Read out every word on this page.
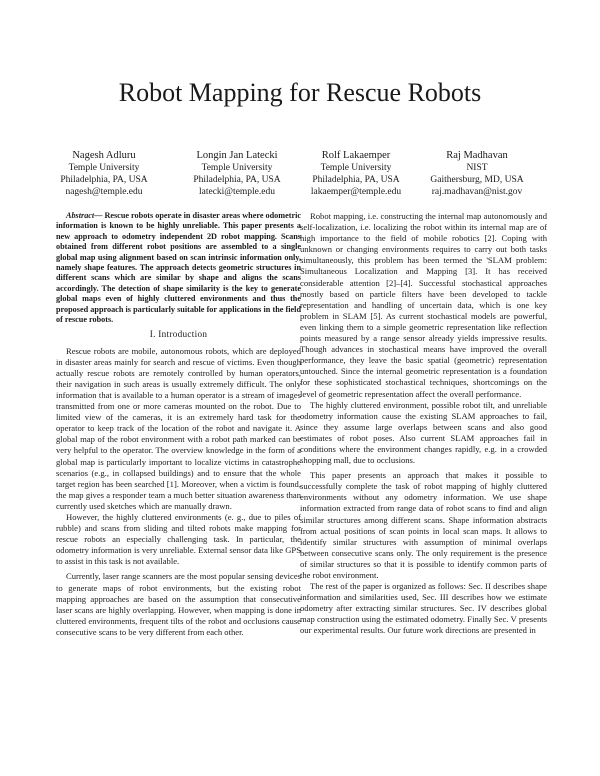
Robot Mapping for Rescue Robots
Nagesh Adluru
Temple University
Philadelphia, PA, USA
nagesh@temple.edu
Longin Jan Latecki
Temple University
Philadelphia, PA, USA
latecki@temple.edu
Rolf Lakaemper
Temple University
Philadelphia, PA, USA
lakaemper@temple.edu
Raj Madhavan
NIST
Gaithersburg, MD, USA
raj.madhavan@nist.gov

Abstract— Rescue robots operate in disaster areas where odometric information is known to be highly unreliable. This paper presents a new approach to odometry independent 2D robot mapping. Scans obtained from different robot positions are assembled to a single global map using alignment based on scan intrinsic information only, namely shape features. The approach detects geometric structures in different scans which are similar by shape and aligns the scans accordingly. The detection of shape similarity is the key to generate global maps even of highly cluttered environments and thus the proposed approach is particularly suitable for applications in the field of rescue robots.

I. Introduction

Rescue robots are mobile, autonomous robots, which are deployed in disaster areas mainly for search and rescue of victims. Even though actually rescue robots are remotely controlled by human operators, their navigation in such areas is usually extremely difficult. The only information that is available to a human operator is a stream of images transmitted from one or more cameras mounted on the robot. Due to limited view of the cameras, it is an extremely hard task for the operator to keep track of the location of the robot and navigate it. A global map of the robot environment with a robot path marked can be very helpful to the operator. The overview knowledge in the form of a global map is particularly important to localize victims in catastrophe scenarios (e.g., in collapsed buildings) and to ensure that the whole target region has been searched [1]. Moreover, when a victim is found, the map gives a responder team a much better situation awareness than currently used sketches which are manually drawn.

However, the highly cluttered environments (e. g., due to piles of rubble) and scans from sliding and tilted robots make mapping for rescue robots an especially challenging task. In particular, the odometry information is very unreliable. External sensor data like GPS to assist in this task is not available.

Currently, laser range scanners are the most popular sensing devices to generate maps of robot environments, but the existing robot mapping approaches are based on the assumption that consecutive laser scans are highly overlapping. However, when mapping is done in cluttered environments, frequent tilts of the robot and occlusions cause consecutive scans to be very different from each other.

Robot mapping, i.e. constructing the internal map autonomously and self-localization, i.e. localizing the robot within its internal map are of high importance to the field of mobile robotics [2]. Coping with unknown or changing environments requires to carry out both tasks simultaneously, this problem has been termed the 'SLAM problem: Simultaneous Localization and Mapping [3]. It has received considerable attention [2]–[4]. Successful stochastical approaches mostly based on particle filters have been developed to tackle representation and handling of uncertain data, which is one key problem in SLAM [5]. As current stochastical models are powerful, even linking them to a simple geometric representation like reflection points measured by a range sensor already yields impressive results. Though advances in stochastical means have improved the overall performance, they leave the basic spatial (geometric) representation untouched. Since the internal geometric representation is a foundation for these sophisticated stochastical techniques, shortcomings on the level of geometric representation affect the overall performance.

The highly cluttered environment, possible robot tilt, and unreliable odometry information cause the existing SLAM approaches to fail, since they assume large overlaps between scans and also good estimates of robot poses. Also current SLAM approaches fail in conditions where the environment changes rapidly, e.g. in a crowded shopping mall, due to occlusions.

This paper presents an approach that makes it possible to successfully complete the task of robot mapping of highly cluttered environments without any odometry information. We use shape information extracted from range data of robot scans to find and align similar structures among different scans. Shape information abstracts from actual positions of scan points in local scan maps. It allows to identify similar structures with assumption of minimal overlaps between consecutive scans only. The only requirement is the presence of similar structures so that it is possible to identify common parts of the robot environment.

The rest of the paper is organized as follows: Sec. II describes shape information and similarities used, Sec. III describes how we estimate odometry after extracting similar structures. Sec. IV describes global map construction using the estimated odometry. Finally Sec. V presents our experimental results. Our future work directions are presented in
